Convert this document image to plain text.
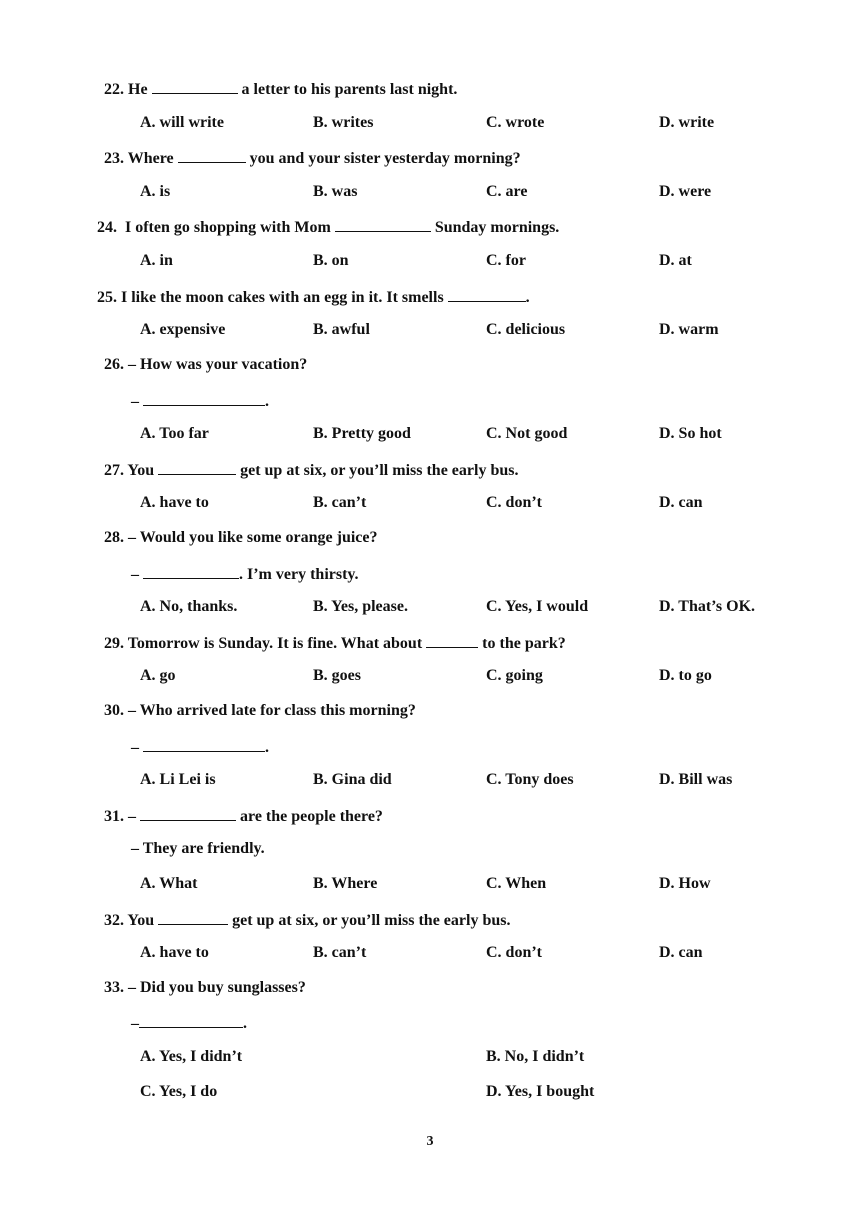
22. He	a letter to his parents last night.
A. will write	B. writes	C. wrote	D. write
23. Where	you and your sister yesterday morning?
A. is	B. was	C. are	D. were
24.  I often go shopping with Mom	Sunday mornings.
A. in	B. on	C. for	D. at
25. I like the moon cakes with an egg in it. It smells	.
A. expensive	B. awful	C. delicious	D. warm
26. – How was your vacation?
–	.
A. Too far	B. Pretty good	C. Not good	D. So hot
27. You	get up at six, or you’ll miss the early bus.
A. have to	B. can’t	C. don’t	D. can
28. – Would you like some orange juice?
–	. I’m very thirsty.
A. No, thanks.	B. Yes, please.	C. Yes, I would	D. That’s OK.
29. Tomorrow is Sunday. It is fine. What about	to the park?
A. go	B. goes	C. going	D. to go
30. – Who arrived late for class this morning?
–	.
A. Li Lei is	B. Gina did	C. Tony does	D. Bill was
31. –	are the people there?
– They are friendly.
A. What	B. Where	C. When	D. How
32. You	get up at six, or you’ll miss the early bus.
A. have to	B. can’t	C. don’t	D. can
33. – Did you buy sunglasses?
–	.
A. Yes, I didn’t	B. No, I didn’t
C. Yes, I do	D. Yes, I bought
3
